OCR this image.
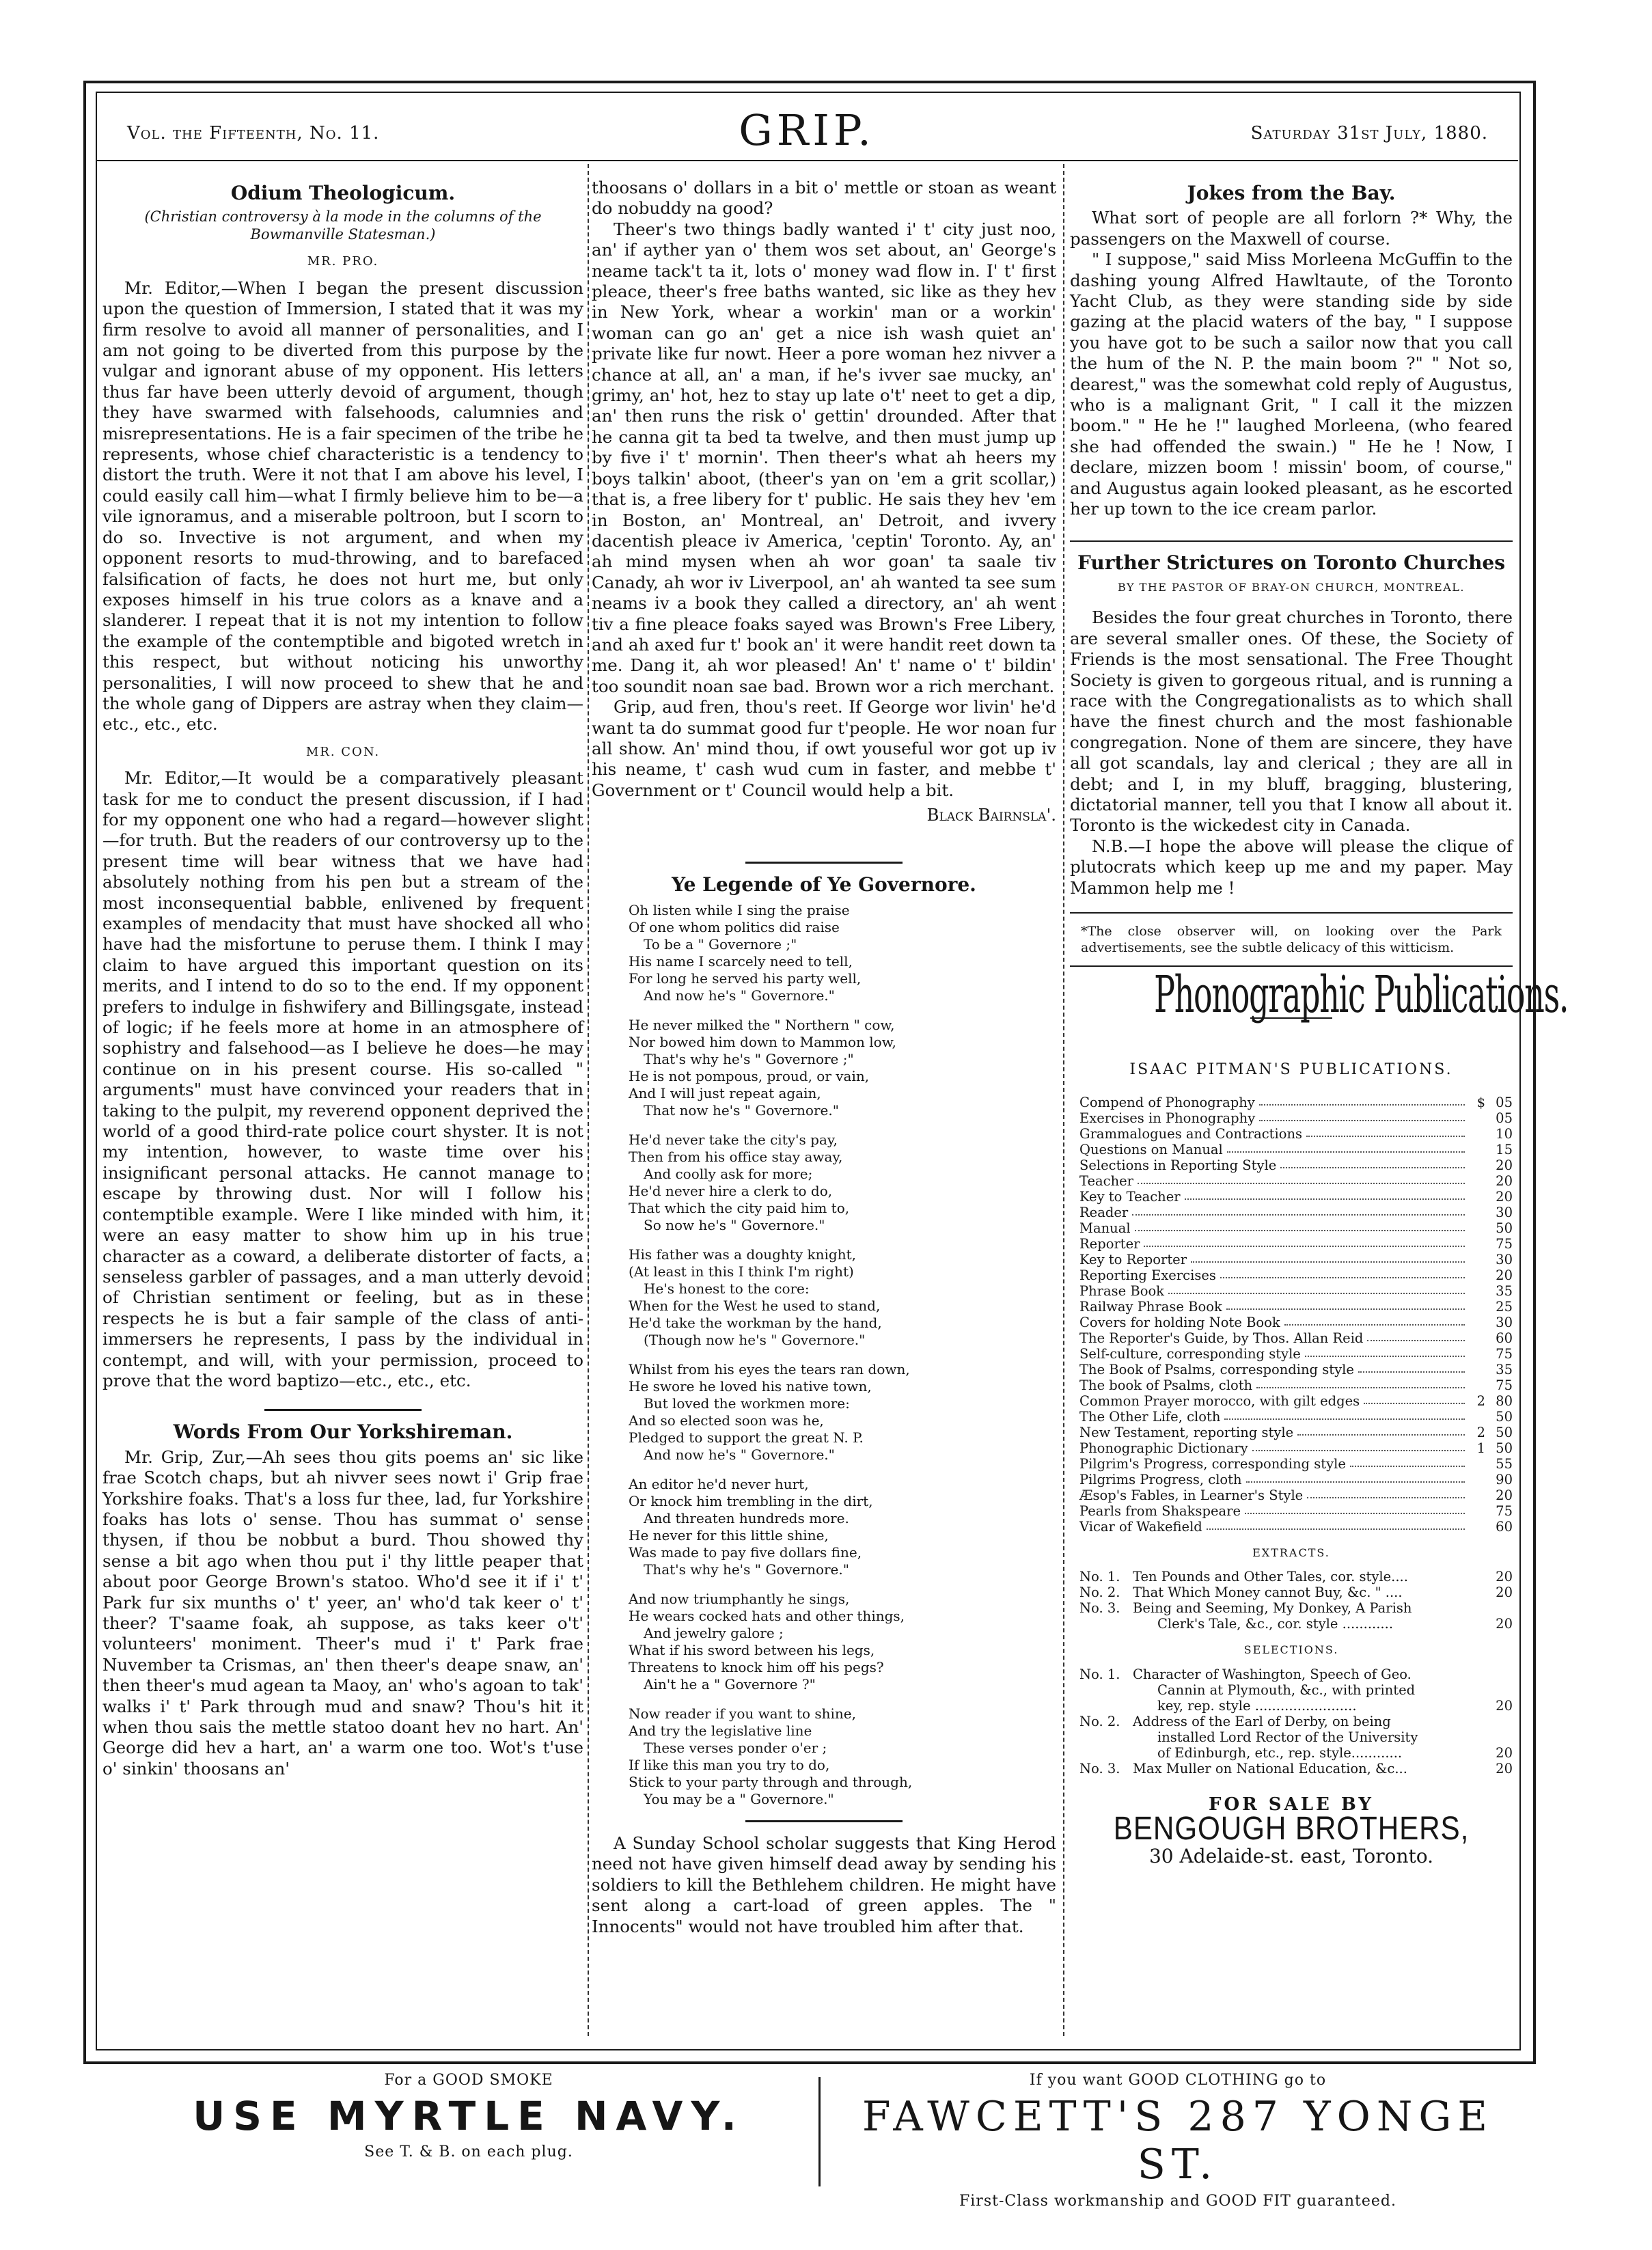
Vol. the Fifteenth, No. 11.	GRIP.	Saturday 31st July, 1880.
Odium Theologicum.
(Christian controversy à la mode in the columns of the Bowmanville Statesman.)
MR. PRO.

Mr. Editor,—When I began the present discussion upon the question of Immersion, I stated that it was my firm resolve to avoid all manner of personalities, and I am not going to be diverted from this purpose by the vulgar and ignorant abuse of my opponent. His letters thus far have been utterly devoid of argument, though they have swarmed with falsehoods, calumnies and misrepresentations. He is a fair specimen of the tribe he represents, whose chief characteristic is a tendency to distort the truth. Were it not that I am above his level, I could easily call him—what I firmly believe him to be—a vile ignoramus, and a miserable poltroon, but I scorn to do so. Invective is not argument, and when my opponent resorts to mud-throwing, and to barefaced falsification of facts, he does not hurt me, but only exposes himself in his true colors as a knave and a slanderer. I repeat that it is not my intention to follow the example of the contemptible and bigoted wretch in this respect, but without noticing his unworthy personalities, I will now proceed to shew that he and the whole gang of Dippers are astray when they claim—etc., etc., etc.

MR. CON.

Mr. Editor,—It would be a comparatively pleasant task for me to conduct the present discussion, if I had for my opponent one who had a regard—however slight—for truth. But the readers of our controversy up to the present time will bear witness that we have had absolutely nothing from his pen but a stream of the most inconsequential babble, enlivened by frequent examples of mendacity that must have shocked all who have had the misfortune to peruse them. I think I may claim to have argued this important question on its merits, and I intend to do so to the end. If my opponent prefers to indulge in fishwifery and Billingsgate, instead of logic; if he feels more at home in an atmosphere of sophistry and falsehood—as I believe he does—he may continue on in his present course. His so-called " arguments" must have convinced your readers that in taking to the pulpit, my reverend opponent deprived the world of a good third-rate police court shyster. It is not my intention, however, to waste time over his insignificant personal attacks. He cannot manage to escape by throwing dust. Nor will I follow his contemptible example. Were I like minded with him, it were an easy matter to show him up in his true character as a coward, a deliberate distorter of facts, a senseless garbler of passages, and a man utterly devoid of Christian sentiment or feeling, but as in these respects he is but a fair sample of the class of anti-immersers he represents, I pass by the individual in contempt, and will, with your permission, proceed to prove that the word baptizo—etc., etc., etc.

Words From Our Yorkshireman.

Mr. Grip, Zur,—Ah sees thou gits poems an' sic like frae Scotch chaps, but ah nivver sees nowt i' Grip frae Yorkshire foaks. That's a loss fur thee, lad, fur Yorkshire foaks has lots o' sense. Thou has summat o' sense thysen, if thou be nobbut a burd. Thou showed thy sense a bit ago when thou put i' thy little peaper that about poor George Brown's statoo. Who'd see it if i' t' Park fur six munths o' t' yeer, an' who'd tak keer o' t' theer? T'saame foak, ah suppose, as taks keer o't' volunteers' moniment. Theer's mud i' t' Park frae Nuvember ta Crismas, an' then theer's deape snaw, an' then theer's mud agean ta Maoy, an' who's agoan to tak' walks i' t' Park through mud and snaw? Thou's hit it when thou sais the mettle statoo doant hev no hart. An' George did hev a hart, an' a warm one too. Wot's t'use o' sinkin' thoosans an'

thoosans o' dollars in a bit o' mettle or stoan as weant do nobuddy na good?

Theer's two things badly wanted i' t' city just noo, an' if ayther yan o' them wos set about, an' George's neame tack't ta it, lots o' money wad flow in. I' t' first pleace, theer's free baths wanted, sic like as they hev in New York, whear a workin' man or a workin' woman can go an' get a nice ish wash quiet an' private like fur nowt. Heer a pore woman hez nivver a chance at all, an' a man, if he's ivver sae mucky, an' grimy, an' hot, hez to stay up late o't' neet to get a dip, an' then runs the risk o' gettin' drounded. After that he canna git ta bed ta twelve, and then must jump up by five i' t' mornin'. Then theer's what ah heers my boys talkin' aboot, (theer's yan on 'em a grit scollar,) that is, a free libery for t' public. He sais they hev 'em in Boston, an' Montreal, an' Detroit, and ivvery dacentish pleace iv America, 'ceptin' Toronto. Ay, an' ah mind mysen when ah wor goan' ta saale tiv Canady, ah wor iv Liverpool, an' ah wanted ta see sum neams iv a book they called a directory, an' ah went tiv a fine pleace foaks sayed was Brown's Free Libery, and ah axed fur t' book an' it were handit reet down ta me. Dang it, ah wor pleased! An' t' name o' t' bildin' too soundit noan sae bad. Brown wor a rich merchant.

Grip, aud fren, thou's reet. If George wor livin' he'd want ta do summat good fur t'people. He wor noan fur all show. An' mind thou, if owt youseful wor got up iv his neame, t' cash wud cum in faster, and mebbe t' Government or t' Council would help a bit.

Black Bairnsla'.
Ye Legende of Ye Governore.
Oh listen while I sing the praise
Of one whom politics did raise
To be a " Governore ;"
His name I scarcely need to tell,
For long he served his party well,
And now he's " Governore."
He never milked the " Northern " cow,
Nor bowed him down to Mammon low,
That's why he's " Governore ;"
He is not pompous, proud, or vain,
And I will just repeat again,
That now he's " Governore."
He'd never take the city's pay,
Then from his office stay away,
And coolly ask for more;
He'd never hire a clerk to do,
That which the city paid him to,
So now he's " Governore."
His father was a doughty knight,
(At least in this I think I'm right)
He's honest to the core:
When for the West he used to stand,
He'd take the workman by the hand,
(Though now he's " Governore."
Whilst from his eyes the tears ran down,
He swore he loved his native town,
But loved the workmen more:
And so elected soon was he,
Pledged to support the great N. P.
And now he's " Governore."
An editor he'd never hurt,
Or knock him trembling in the dirt,
And threaten hundreds more.
He never for this little shine,
Was made to pay five dollars fine,
That's why he's " Governore."
And now triumphantly he sings,
He wears cocked hats and other things,
And jewelry galore ;
What if his sword between his legs,
Threatens to knock him off his pegs?
Ain't he a " Governore ?"
Now reader if you want to shine,
And try the legislative line
These verses ponder o'er ;
If like this man you try to do,
Stick to your party through and through,
You may be a " Governore."

A Sunday School scholar suggests that King Herod need not have given himself dead away by sending his soldiers to kill the Bethlehem children. He might have sent along a cart-load of green apples. The " Innocents" would not have troubled him after that.

Jokes from the Bay.

What sort of people are all forlorn ?* Why, the passengers on the Maxwell of course.

" I suppose," said Miss Morleena McGuffin to the dashing young Alfred Hawltaute, of the Toronto Yacht Club, as they were standing side by side gazing at the placid waters of the bay, " I suppose you have got to be such a sailor now that you call the hum of the N. P. the main boom ?" " Not so, dearest," was the somewhat cold reply of Augustus, who is a malignant Grit, " I call it the mizzen boom." " He he !" laughed Morleena, (who feared she had offended the swain.) " He he ! Now, I declare, mizzen boom ! missin' boom, of course," and Augustus again looked pleasant, as he escorted her up town to the ice cream parlor.

Further Strictures on Toronto Churches
BY THE PASTOR OF BRAY-ON CHURCH, MONTREAL.

Besides the four great churches in Toronto, there are several smaller ones. Of these, the Society of Friends is the most sensational. The Free Thought Society is given to gorgeous ritual, and is running a race with the Congregationalists as to which shall have the finest church and the most fashionable congregation. None of them are sincere, they have all got scandals, lay and clerical ; they are all in debt; and I, in my bluff, bragging, blustering, dictatorial manner, tell you that I know all about it. Toronto is the wickedest city in Canada.

N.B.—I hope the above will please the clique of plutocrats which keep up me and my paper. May Mammon help me !

*The close observer will, on looking over the Park advertisements, see the subtle delicacy of this witticism.
Phonographic Publications.
ISAAC PITMAN'S PUBLICATIONS.
Compend of Phonography	$ 05
Exercises in Phonography	05
Grammalogues and Contractions	10
Questions on Manual	15
Selections in Reporting Style	20
Teacher	20
Key to Teacher	20
Reader	30
Manual	50
Reporter	75
Key to Reporter	30
Reporting Exercises	20
Phrase Book	35
Railway Phrase Book	25
Covers for holding Note Book	30
The Reporter's Guide, by Thos. Allan Reid	60
Self-culture, corresponding style	75
The Book of Psalms, corresponding style	35
The book of Psalms, cloth	75
Common Prayer morocco, with gilt edges	2 80
The Other Life, cloth	50
New Testament, reporting style	2 50
Phonographic Dictionary	1 50
Pilgrim's Progress, corresponding style	55
Pilgrims Progress, cloth	90
Æsop's Fables, in Learner's Style	20
Pearls from Shakspeare	75
Vicar of Wakefield	60
EXTRACTS.
No. 1. Ten Pounds and Other Tales, cor. style....	20
No. 2. That Which Money cannot Buy, &c. " ....	20
No. 3. Being and Seeming, My Donkey, A Parish
Clerk's Tale, &c., cor. style ............	20
SELECTIONS.
No. 1. Character of Washington, Speech of Geo.
Cannin at Plymouth, &c., with printed
key, rep. style ........................	20
No. 2. Address of the Earl of Derby, on being
installed Lord Rector of the University
of Edinburgh, etc., rep. style............	20
No. 3. Max Muller on National Education, &c...	20
FOR SALE BY
BENGOUGH BROTHERS,
30 Adelaide-st. east, Toronto.
For a GOOD SMOKE
USE MYRTLE NAVY.
See T. & B. on each plug.
If you want GOOD CLOTHING go to
FAWCETT'S 287 YONGE ST.
First-Class workmanship and GOOD FIT guaranteed.
